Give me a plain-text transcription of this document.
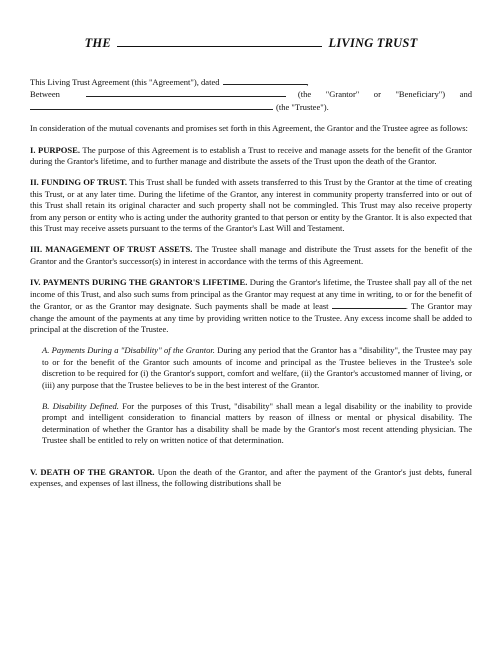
THE	LIVING TRUST
This Living Trust Agreement (this "Agreement"), dated	,
Between	(the "Grantor" or "Beneficiary") and
(the "Trustee").

In consideration of the mutual covenants and promises set forth in this Agreement, the Grantor and the Trustee agree as follows:

I. PURPOSE. The purpose of this Agreement is to establish a Trust to receive and manage assets for the benefit of the Grantor during the Grantor's lifetime, and to further manage and distribute the assets of the Trust upon the death of the Grantor.

II. FUNDING OF TRUST. This Trust shall be funded with assets transferred to this Trust by the Grantor at the time of creating this Trust, or at any later time. During the lifetime of the Grantor, any interest in community property transferred into or out of this Trust shall retain its original character and such property shall not be commingled. This Trust may also receive property from any person or entity who is acting under the authority granted to that person or entity by the Grantor. It is also expected that this Trust may receive assets pursuant to the terms of the Grantor's Last Will and Testament.

III. MANAGEMENT OF TRUST ASSETS. The Trustee shall manage and distribute the Trust assets for the benefit of the Grantor and the Grantor's successor(s) in interest in accordance with the terms of this Agreement.

IV. PAYMENTS DURING THE GRANTOR'S LIFETIME. During the Grantor's lifetime, the Trustee shall pay all of the net income of this Trust, and also such sums from principal as the Grantor may request at any time in writing, to or for the benefit of the Grantor, or as the Grantor may designate. Such payments shall be made at least	. The Grantor may change the amount of the payments at any time by providing written notice to the Trustee. Any excess income shall be added to principal at the discretion of the Trustee.

A. Payments During a "Disability" of the Grantor. During any period that the Grantor has a "disability", the Trustee may pay to or for the benefit of the Grantor such amounts of income and principal as the Trustee believes in the Trustee's sole discretion to be required for (i) the Grantor's support, comfort and welfare, (ii) the Grantor's accustomed manner of living, or (iii) any purpose that the Trustee believes to be in the best interest of the Grantor.

B. Disability Defined. For the purposes of this Trust, "disability" shall mean a legal disability or the inability to provide prompt and intelligent consideration to financial matters by reason of illness or mental or physical disability. The determination of whether the Grantor has a disability shall be made by the Grantor's most recent attending physician. The Trustee shall be entitled to rely on written notice of that determination.

V. DEATH OF THE GRANTOR. Upon the death of the Grantor, and after the payment of the Grantor's just debts, funeral expenses, and expenses of last illness, the following distributions shall be
